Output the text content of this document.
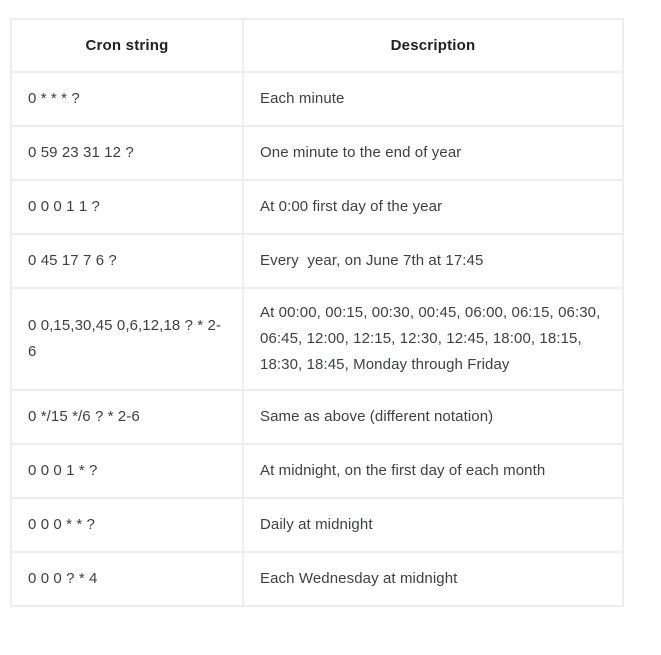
Cron string	Description
0 * * * ?	Each minute
0 59 23 31 12 ?	One minute to the end of year
0 0 0 1 1 ?	At 0:00 first day of the year
0 45 17 7 6 ?	Every  year, on June 7th at 17:45
0 0,15,30,45 0,6,12,18 ? * 2-6	At 00:00, 00:15, 00:30, 00:45, 06:00, 06:15, 06:30, 06:45, 12:00, 12:15, 12:30, 12:45, 18:00, 18:15, 18:30, 18:45, Monday through Friday
0 */15 */6 ? * 2-6	Same as above (different notation)
0 0 0 1 * ?	At midnight, on the first day of each month
0 0 0 * * ?	Daily at midnight
0 0 0 ? * 4	Each Wednesday at midnight
